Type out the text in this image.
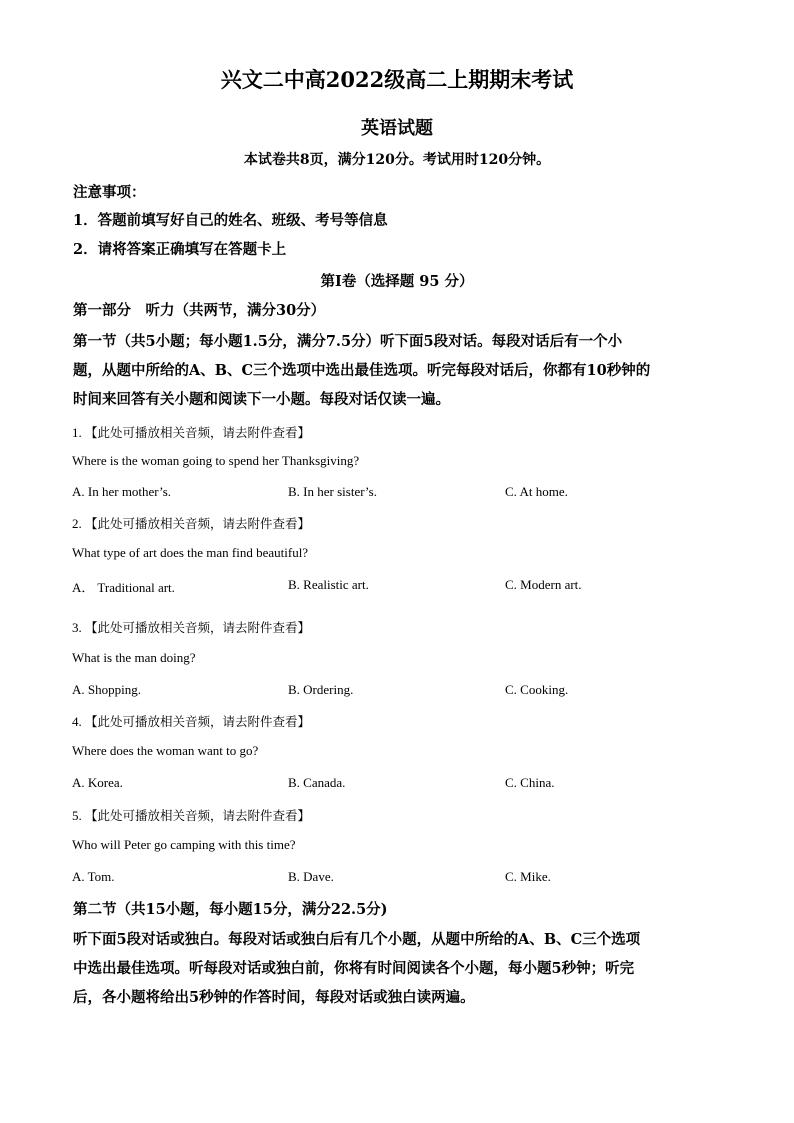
兴文二中高2022级高二上期期末考试
英语试题
本试卷共8页，满分120分。考试用时120分钟。
注意事项：
1．答题前填写好自己的姓名、班级、考号等信息
2．请将答案正确填写在答题卡上
第I卷（选择题 95 分）
第一部分　听力（共两节，满分30分）
第一节（共5小题；每小题1.5分，满分7.5分）听下面5段对话。每段对话后有一个小
题，从题中所给的A、B、C三个选项中选出最佳选项。听完每段对话后，你都有10秒钟的
时间来回答有关小题和阅读下一小题。每段对话仅读一遍。
1. 【此处可播放相关音频，请去附件查看】
Where is the woman going to spend her Thanksgiving?
A. In her mother’s.	B. In her sister’s.	C. At home.
2. 【此处可播放相关音频，请去附件查看】
What type of art does the man find beautiful?
A． Traditional art.	B. Realistic art.	C. Modern art.
3. 【此处可播放相关音频，请去附件查看】
What is the man doing?
A. Shopping.	B. Ordering.	C. Cooking.
4. 【此处可播放相关音频，请去附件查看】
Where does the woman want to go?
A. Korea.	B. Canada.	C. China.
5. 【此处可播放相关音频，请去附件查看】
Who will Peter go camping with this time?
A. Tom.	B. Dave.	C. Mike.
第二节（共15小题，每小题15分，满分22.5分)
听下面5段对话或独白。每段对话或独白后有几个小题，从题中所给的A、B、C三个选项
中选出最佳选项。听每段对话或独白前，你将有时间阅读各个小题，每小题5秒钟；听完
后，各小题将给出5秒钟的作答时间，每段对话或独白读两遍。
